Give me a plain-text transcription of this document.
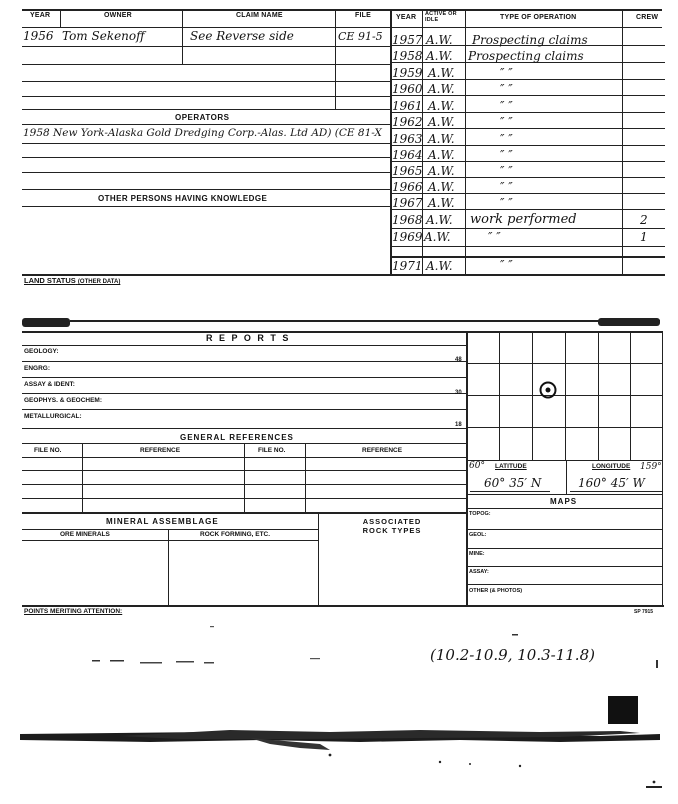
YEAR	OWNER	CLAIM NAME	FILE	YEAR ACTIVE OR IDLE	TYPE OF OPERATION	CREW
1956 Tom Sekenoff	See Reverse side	CE 91-5
OPERATORS
1958 New York-Alaska Gold Dredging Corp.-Alas. Ltd AD) (CE 81-X
OTHER PERSONS HAVING KNOWLEDGE
1957 A.W. Prospecting claims
1958 A.W. Prospecting claims
1959 A.W.	″ ″
1960 A.W.	″ ″
1961 A.W.	″ ″
1962 A.W.	″ ″
1963 A.W.	″ ″
1964 A.W.	″ ″
1965 A.W.	″ ″
1966 A.W.	″ ″
1967 A.W.	″ ″
1968 A.W. work performed	2
1969 A.W.	″ ″	1
1971 A.W.	″ ″
LAND STATUS (OTHER DATA)
R E P O R T S
GEOLOGY:
ENGRG:
ASSAY & IDENT:
GEOPHYS. & GEOCHEM:
METALLURGICAL:
48
30
18
GENERAL REFERENCES
FILE NO.	REFERENCE	FILE NO.	REFERENCE
MINERAL ASSEMBLAGE	ASSOCIATED ROCK TYPES
ORE MINERALS	ROCK FORMING, ETC.
60° LATITUDE	LONGITUDE 159°
60° 35′ N	160° 45′ W
MAPS
TOPOG:
GEOL:
MINE:
ASSAY:
OTHER (& PHOTOS)
POINTS MERITING ATTENTION:	SP 7915
(10.2-10.9, 10.3-11.8)
